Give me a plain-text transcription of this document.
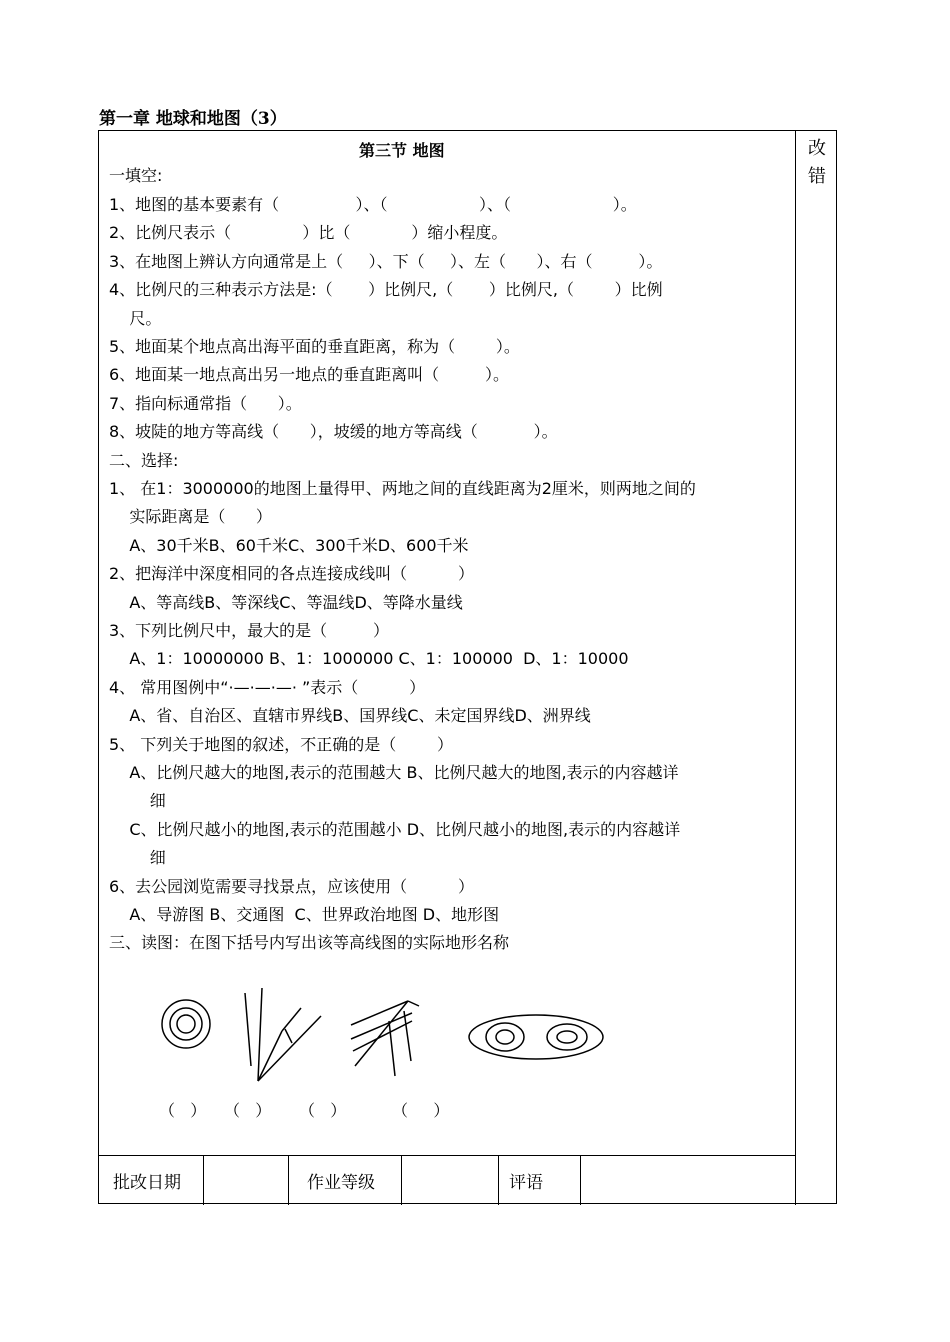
第一章 地球和地图（3）
改错
第三节 地图
一填空:
1、地图的基本要素有（               ）、（                  ）、（                    ）。
2、比例尺表示（              ）比（            ）缩小程度。
3、在地图上辨认方向通常是上（     ）、下（     ）、左（      ）、右（         ）。
4、比例尺的三种表示方法是:（       ）比例尺,（       ）比例尺,（        ）比例
尺。
5、地面某个地点高出海平面的垂直距离，称为（        ）。
6、地面某一地点高出另一地点的垂直距离叫（         ）。
7、指向标通常指（      ）。
8、坡陡的地方等高线（      ），坡缓的地方等高线（           ）。
二、选择:
1、 在1：3000000的地图上量得甲、两地之间的直线距离为2厘米，则两地之间的
实际距离是（      ）
A、30千米B、60千米C、300千米D、600千米
2、把海洋中深度相同的各点连接成线叫（          ）
A、等高线B、等深线C、等温线D、等降水量线
3、下列比例尺中，最大的是（         ）
A、1：10000000 B、1：1000000 C、1：100000  D、1：10000
4、 常用图例中“·—·—·—· ”表示（          ）
A、省、自治区、直辖市界线B、国界线C、未定国界线D、洲界线
5、 下列关于地图的叙述，不正确的是（        ）
A、比例尺越大的地图,表示的范围越大 B、比例尺越大的地图,表示的内容越详
细
C、比例尺越小的地图,表示的范围越小 D、比例尺越小的地图,表示的内容越详
细
6、去公园浏览需要寻找景点，应该使用（          ）
A、导游图 B、交通图  C、世界政治地图 D、地形图
三、读图：在图下括号内写出该等高线图的实际地形名称
（   ） （   ） （   ）	（     ）
批改日期	作业等级	评语
